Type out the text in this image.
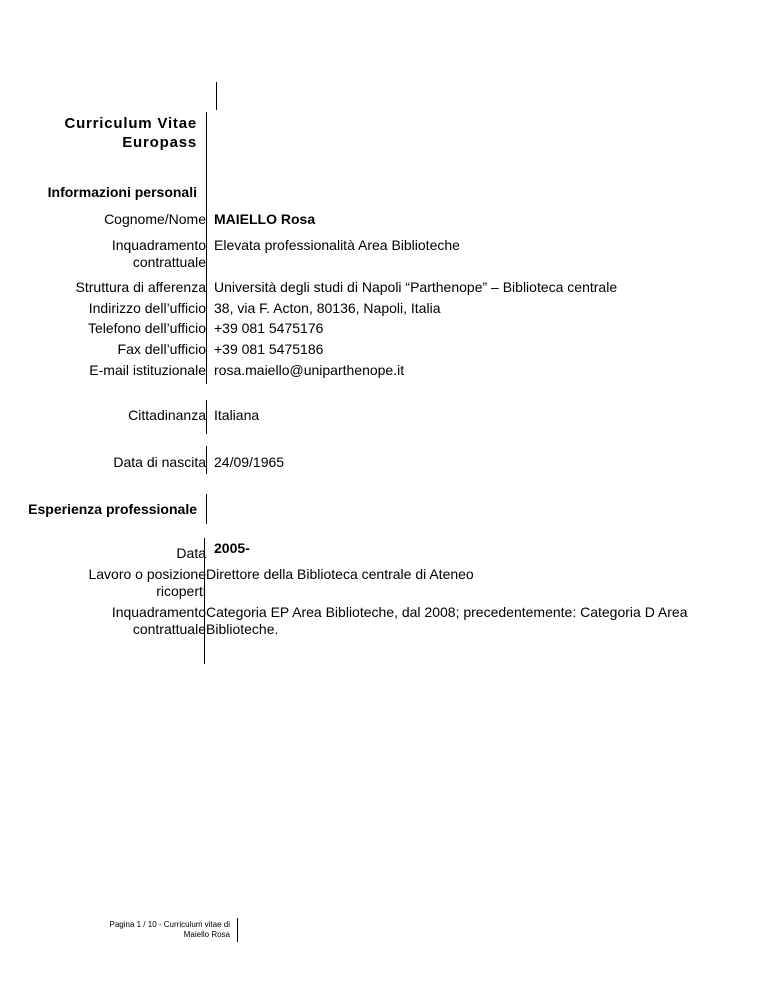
Curriculum Vitae
Europass
Informazioni personali
Cognome/Nome MAIELLO Rosa
Inquadramento
contrattuale
Elevata professionalità Area Biblioteche
Struttura di afferenza Università degli studi di Napoli “Parthenope” – Biblioteca centrale
Indirizzo dell’ufficio 38, via F. Acton, 80136, Napoli, Italia
Telefono dell’ufficio +39 081 5475176
Fax dell’ufficio +39 081 5475186
E-mail istituzionale rosa.maiello@uniparthenope.it
Cittadinanza Italiana
Data di nascita 24/09/1965
Esperienza professionale
Data 2005-
Lavoro o posizione
ricoperti
Direttore della Biblioteca centrale di Ateneo
Inquadramento
contrattuale
Categoria EP Area Biblioteche, dal 2008; precedentemente: Categoria D Area
Biblioteche.
Pagina 1 / 10 - Curriculum vitae di
Maiello Rosa
